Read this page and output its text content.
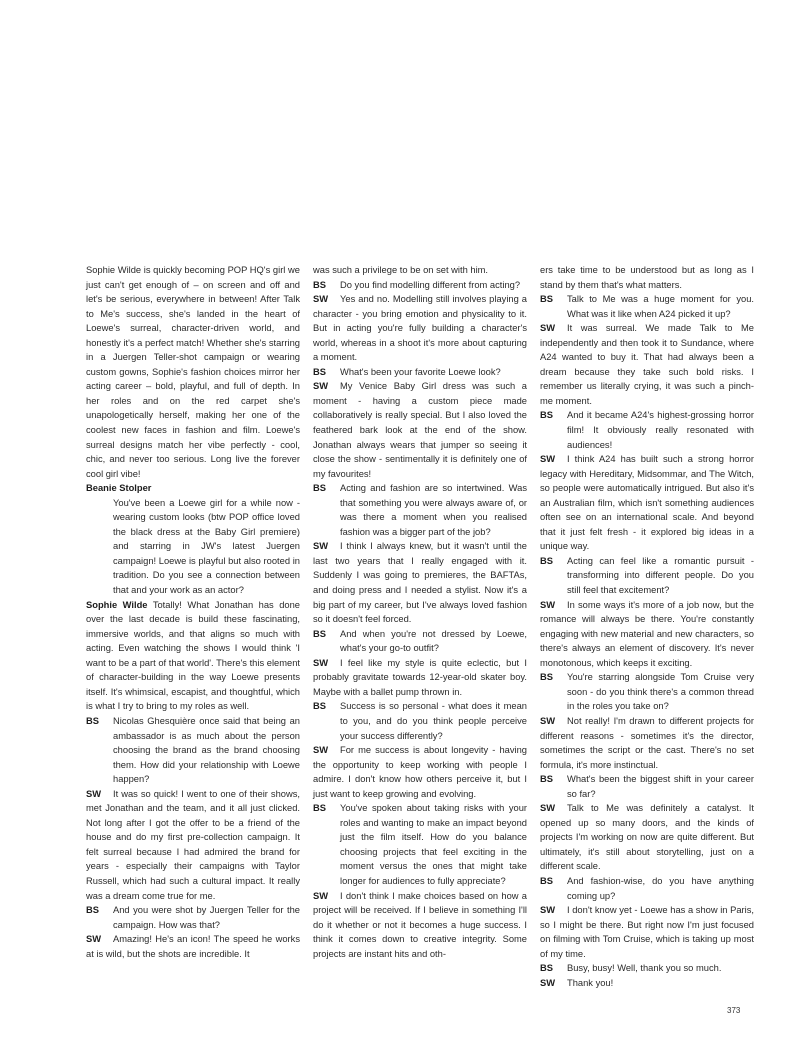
Sophie Wilde is quickly becoming POP HQ's girl we just can't get enough of – on screen and off and let's be serious, everywhere in between! After Talk to Me's success, she's landed in the heart of Loewe's surreal, character-driven world, and honestly it's a perfect match! Whether she's starring in a Juergen Teller-shot campaign or wearing custom gowns, Sophie's fashion choices mirror her acting career – bold, playful, and full of depth. In her roles and on the red carpet she's unapologetically herself, making her one of the coolest new faces in fashion and film. Loewe's surreal designs match her vibe perfectly - cool, chic, and never too serious. Long live the forever cool girl vibe!

Beanie Stolper
You've been a Loewe girl for a while now - wearing custom looks (btw POP office loved the black dress at the Baby Girl premiere) and starring in JW's latest Juergen campaign! Loewe is playful but also rooted in tradition. Do you see a connection between that and your work as an actor?

Sophie Wilde Totally! What Jonathan has done over the last decade is build these fascinating, immersive worlds, and that aligns so much with acting. Even watching the shows I would think 'I want to be a part of that world'. There's this element of character-building in the way Loewe presents itself. It's whimsical, escapist, and thoughtful, which is what I try to bring to my roles as well.

BS Nicolas Ghesquière once said that being an ambassador is as much about the person choosing the brand as the brand choosing them. How did your relationship with Loewe happen?

SW It was so quick! I went to one of their shows, met Jonathan and the team, and it all just clicked. Not long after I got the offer to be a friend of the house and do my first pre-collection campaign. It felt surreal because I had admired the brand for years - especially their campaigns with Taylor Russell, which had such a cultural impact. It really was a dream come true for me.

BS And you were shot by Juergen Teller for the campaign. How was that?

SW Amazing! He's an icon! The speed he works at is wild, but the shots are incredible. It

was such a privilege to be on set with him.

BS Do you find modelling different from acting?

SW Yes and no. Modelling still involves playing a character - you bring emotion and physicality to it. But in acting you're fully building a character's world, whereas in a shoot it's more about capturing a moment.

BS What's been your favorite Loewe look?

SW My Venice Baby Girl dress was such a moment - having a custom piece made collaboratively is really special. But I also loved the feathered bark look at the end of the show. Jonathan always wears that jumper so seeing it close the show - sentimentally it is definitely one of my favourites!

BS Acting and fashion are so intertwined. Was that something you were always aware of, or was there a moment when you realised fashion was a bigger part of the job?

SW I think I always knew, but it wasn't until the last two years that I really engaged with it. Suddenly I was going to premieres, the BAFTAs, and doing press and I needed a stylist. Now it's a big part of my career, but I've always loved fashion so it doesn't feel forced.

BS And when you're not dressed by Loewe, what's your go-to outfit?

SW I feel like my style is quite eclectic, but I probably gravitate towards 12-year-old skater boy. Maybe with a ballet pump thrown in.

BS Success is so personal - what does it mean to you, and do you think people perceive your success differently?

SW For me success is about longevity - having the opportunity to keep working with people I admire. I don't know how others perceive it, but I just want to keep growing and evolving.

BS You've spoken about taking risks with your roles and wanting to make an impact beyond just the film itself. How do you balance choosing projects that feel exciting in the moment versus the ones that might take longer for audiences to fully appreciate?

SW I don't think I make choices based on how a project will be received. If I believe in something I'll do it whether or not it becomes a huge success. I think it comes down to creative integrity. Some projects are instant hits and oth-

ers take time to be understood but as long as I stand by them that's what matters.

BS Talk to Me was a huge moment for you. What was it like when A24 picked it up?

SW It was surreal. We made Talk to Me independently and then took it to Sundance, where A24 wanted to buy it. That had always been a dream because they take such bold risks. I remember us literally crying, it was such a pinch-me moment.

BS And it became A24's highest-grossing horror film! It obviously really resonated with audiences!

SW I think A24 has built such a strong horror legacy with Hereditary, Midsommar, and The Witch, so people were automatically intrigued. But also it's an Australian film, which isn't something audiences often see on an international scale. And beyond that it just felt fresh - it explored big ideas in a unique way.

BS Acting can feel like a romantic pursuit - transforming into different people. Do you still feel that excitement?

SW In some ways it's more of a job now, but the romance will always be there. You're constantly engaging with new material and new characters, so there's always an element of discovery. It's never monotonous, which keeps it exciting.

BS You're starring alongside Tom Cruise very soon - do you think there's a common thread in the roles you take on?

SW Not really! I'm drawn to different projects for different reasons - sometimes it's the director, sometimes the script or the cast. There's no set formula, it's more instinctual.

BS What's been the biggest shift in your career so far?

SW Talk to Me was definitely a catalyst. It opened up so many doors, and the kinds of projects I'm working on now are quite different. But ultimately, it's still about storytelling, just on a different scale.

BS And fashion-wise, do you have anything coming up?

SW I don't know yet - Loewe has a show in Paris, so I might be there. But right now I'm just focused on filming with Tom Cruise, which is taking up most of my time.

BS Busy, busy! Well, thank you so much.

SW Thank you!

373
